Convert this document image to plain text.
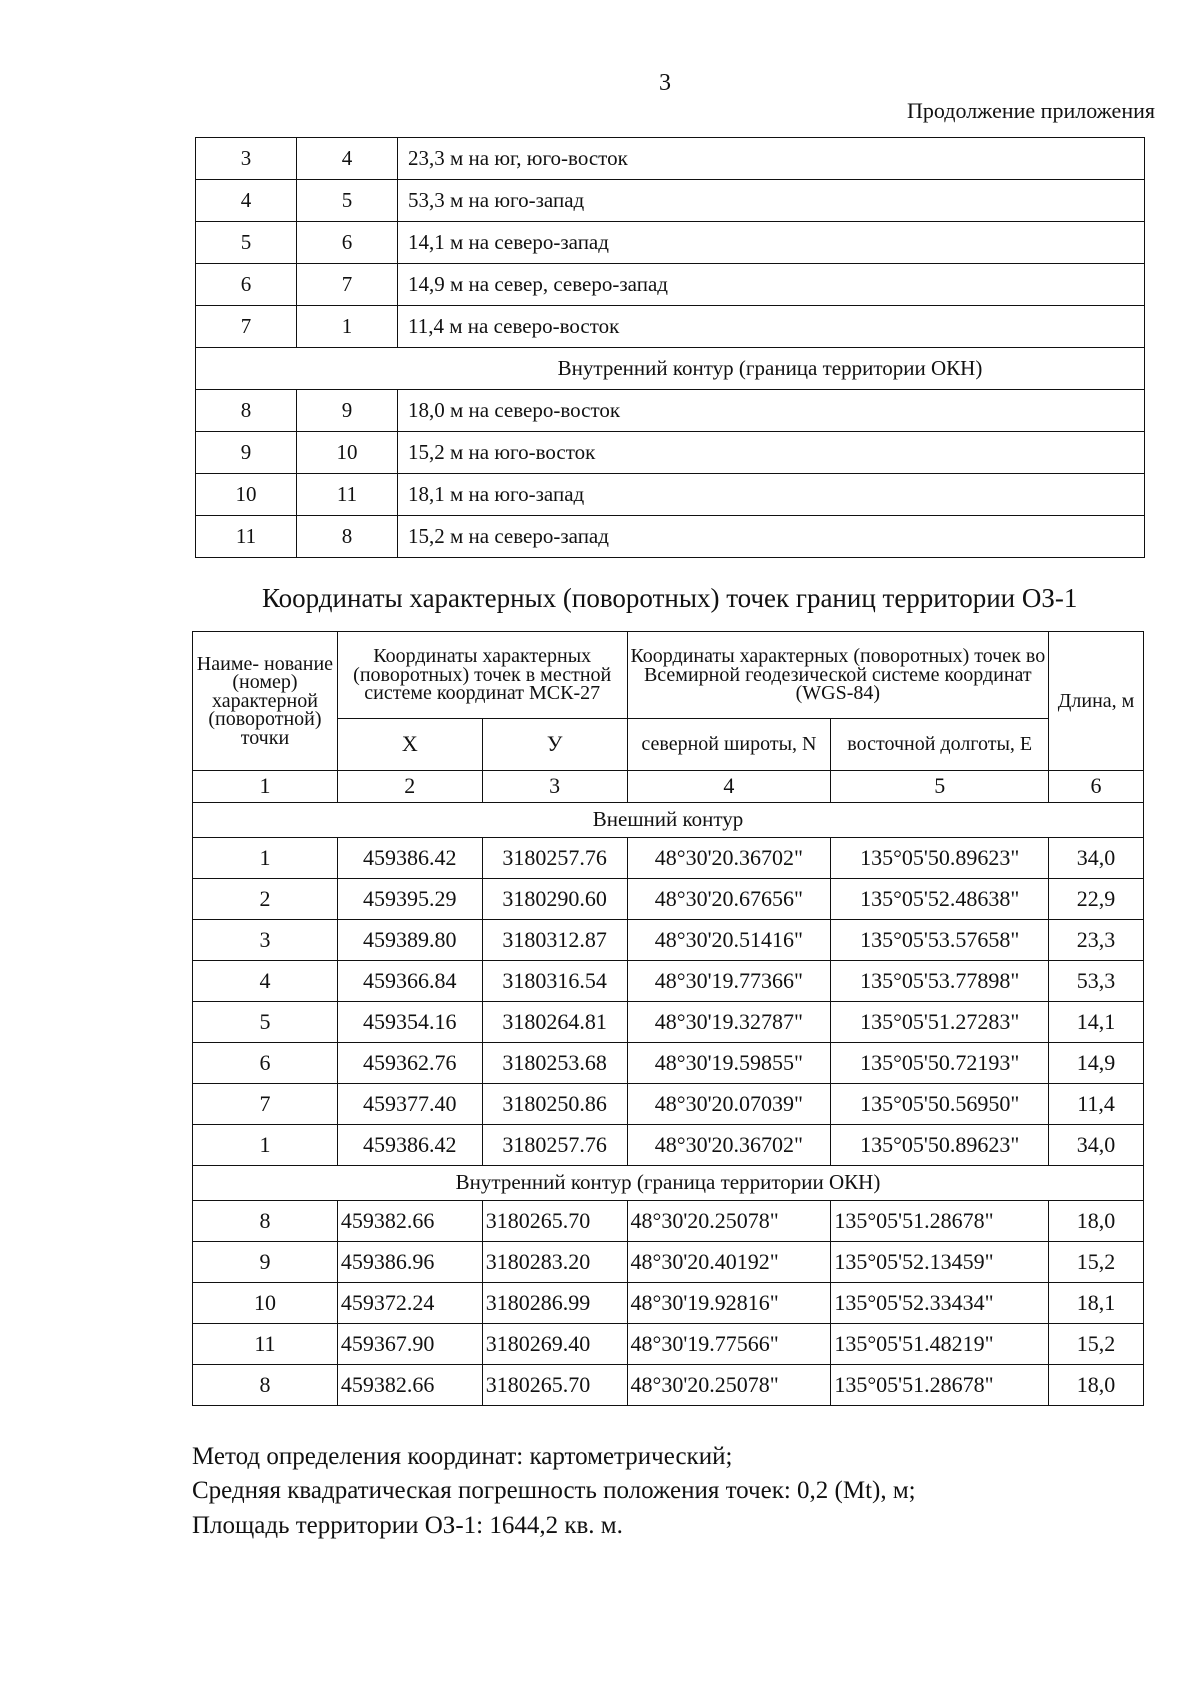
3
Продолжение приложения
3	4	23,3 м на юг, юго-восток
4	5	53,3 м на юго-запад
5	6	14,1 м на северо-запад
6	7	14,9 м на север, северо-запад
7	1	11,4 м на северо-восток
Внутренний контур (граница территории ОКН)		
8	9	18,0 м на северо-восток
9	10	15,2 м на юго-восток
10	11	18,1 м на юго-запад
11	8	15,2 м на северо-запад
Координаты характерных (поворотных) точек границ территории ОЗ-1
Наиме- нование (номер) характерной (поворотной) точки	Координаты характерных (поворотных) точек в местной системе координат МСК-27		Координаты характерных (поворотных) точек во Всемирной геодезической системе координат (WGS-84)		Длина, м
	X	У	северной широты, N	восточной долготы, E	
1	2	3	4	5	6
Внешний контур					
1	459386.42	3180257.76	48°30'20.36702"	135°05'50.89623"	34,0
2	459395.29	3180290.60	48°30'20.67656"	135°05'52.48638"	22,9
3	459389.80	3180312.87	48°30'20.51416"	135°05'53.57658"	23,3
4	459366.84	3180316.54	48°30'19.77366"	135°05'53.77898"	53,3
5	459354.16	3180264.81	48°30'19.32787"	135°05'51.27283"	14,1
6	459362.76	3180253.68	48°30'19.59855"	135°05'50.72193"	14,9
7	459377.40	3180250.86	48°30'20.07039"	135°05'50.56950"	11,4
1	459386.42	3180257.76	48°30'20.36702"	135°05'50.89623"	34,0
Внутренний контур (граница территории ОКН)					
8	459382.66	3180265.70	48°30'20.25078"	135°05'51.28678"	18,0
9	459386.96	3180283.20	48°30'20.40192"	135°05'52.13459"	15,2
10	459372.24	3180286.99	48°30'19.92816"	135°05'52.33434"	18,1
11	459367.90	3180269.40	48°30'19.77566"	135°05'51.48219"	15,2
8	459382.66	3180265.70	48°30'20.25078"	135°05'51.28678"	18,0
Метод определения координат: картометрический;
Средняя квадратическая погрешность положения точек: 0,2 (Mt), м;
Площадь территории ОЗ-1: 1644,2 кв. м.
